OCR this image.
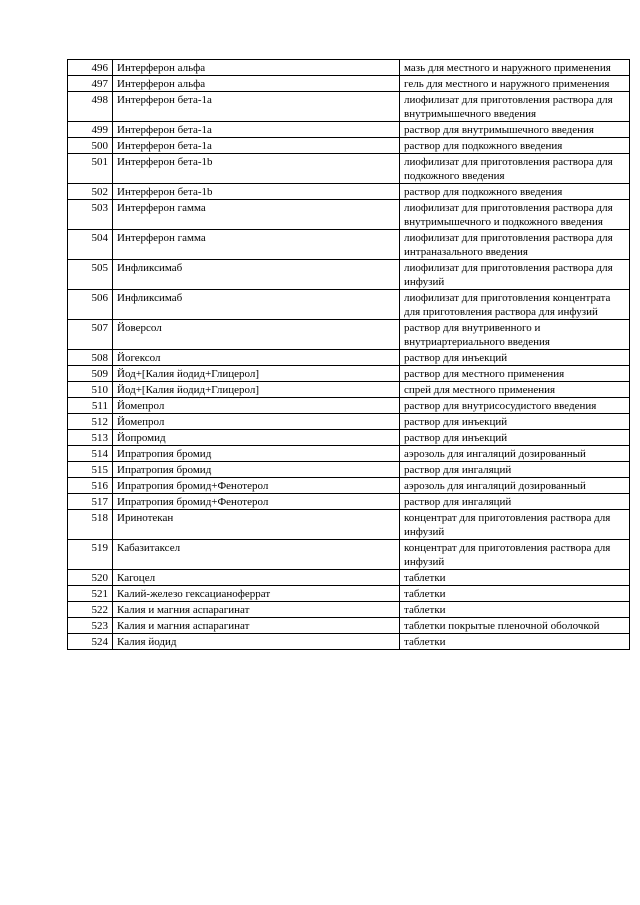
496	Интерферон альфа	мазь для местного и наружного применения
497	Интерферон альфа	гель для местного и наружного применения
498	Интерферон бета-1a	лиофилизат для приготовления раствора для внутримышечного введения
499	Интерферон бета-1a	раствор для внутримышечного введения
500	Интерферон бета-1a	раствор для подкожного введения
501	Интерферон бета-1b	лиофилизат для приготовления раствора для подкожного введения
502	Интерферон бета-1b	раствор для подкожного введения
503	Интерферон гамма	лиофилизат для приготовления раствора для внутримышечного и подкожного введения
504	Интерферон гамма	лиофилизат для приготовления раствора для интраназального введения
505	Инфликсимаб	лиофилизат для приготовления раствора для инфузий
506	Инфликсимаб	лиофилизат для приготовления концентрата для приготовления раствора для инфузий
507	Йоверсол	раствор для внутривенного и внутриартериального введения
508	Йогексол	раствор для инъекций
509	Йод+[Калия йодид+Глицерол]	раствор для местного применения
510	Йод+[Калия йодид+Глицерол]	спрей для местного применения
511	Йомепрол	раствор для внутрисосудистого введения
512	Йомепрол	раствор для инъекций
513	Йопромид	раствор для инъекций
514	Ипратропия бромид	аэрозоль для ингаляций дозированный
515	Ипратропия бромид	раствор для ингаляций
516	Ипратропия бромид+Фенотерол	аэрозоль для ингаляций дозированный
517	Ипратропия бромид+Фенотерол	раствор для ингаляций
518	Иринотекан	концентрат для приготовления раствора для инфузий
519	Кабазитаксел	концентрат для приготовления раствора для инфузий
520	Кагоцел	таблетки
521	Калий-железо гексацианоферрат	таблетки
522	Калия и магния аспарагинат	таблетки
523	Калия и магния аспарагинат	таблетки покрытые пленочной оболочкой
524	Калия йодид	таблетки
